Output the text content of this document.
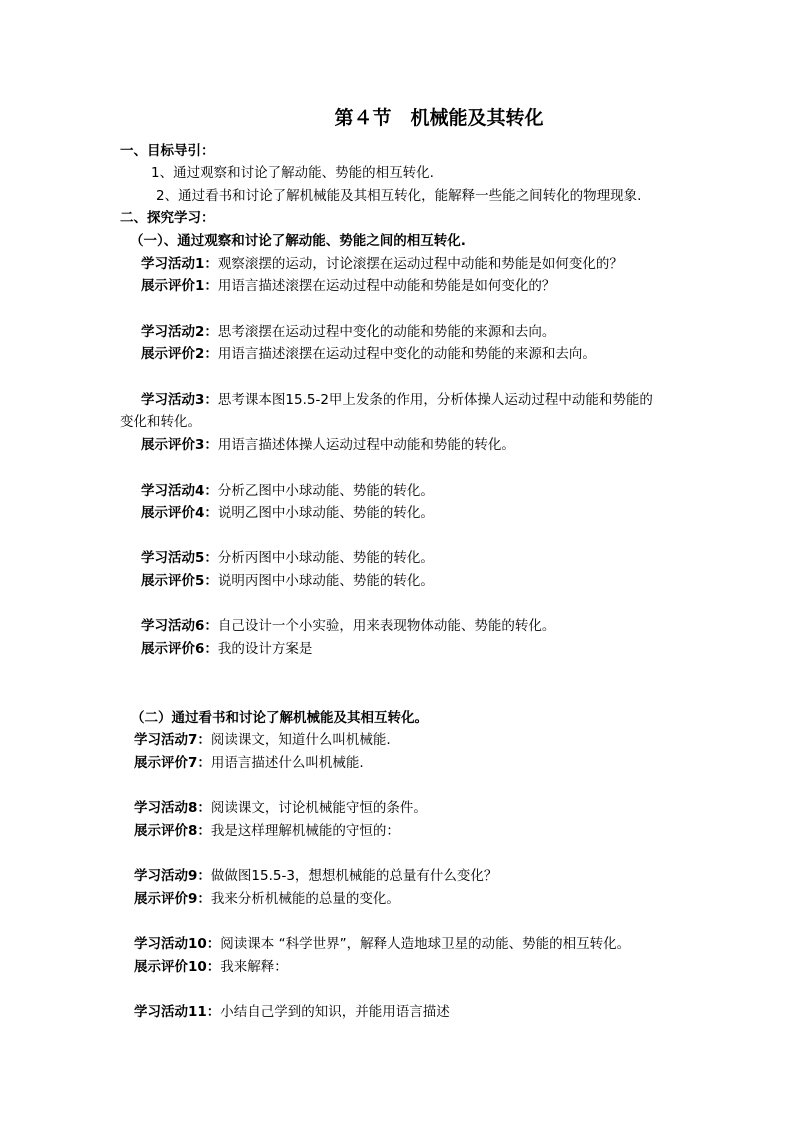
第４节　机械能及其转化
一、目标导引：
1、通过观察和讨论了解动能、势能的相互转化.
2、通过看书和讨论了解机械能及其相互转化，能解释一些能之间转化的物理现象.
二、探究学习：
（一）、通过观察和讨论了解动能、势能之间的相互转化.
学习活动1：观察滚摆的运动，讨论滚摆在运动过程中动能和势能是如何变化的？
展示评价1：用语言描述滚摆在运动过程中动能和势能是如何变化的？
学习活动2：思考滚摆在运动过程中变化的动能和势能的来源和去向。
展示评价2：用语言描述滚摆在运动过程中变化的动能和势能的来源和去向。
学习活动3：思考课本图15.5-2甲上发条的作用，分析体操人运动过程中动能和势能的
变化和转化。
展示评价3：用语言描述体操人运动过程中动能和势能的转化。
学习活动4：分析乙图中小球动能、势能的转化。
展示评价4：说明乙图中小球动能、势能的转化。
学习活动5：分析丙图中小球动能、势能的转化。
展示评价5：说明丙图中小球动能、势能的转化。
学习活动6：自己设计一个小实验，用来表现物体动能、势能的转化。
展示评价6：我的设计方案是
（二）通过看书和讨论了解机械能及其相互转化。
学习活动7：阅读课文，知道什么叫机械能.
展示评价7：用语言描述什么叫机械能.
学习活动8：阅读课文，讨论机械能守恒的条件。
展示评价8：我是这样理解机械能的守恒的：
学习活动9：做做图15.5-3，想想机械能的总量有什么变化？
展示评价9：我来分析机械能的总量的变化。
学习活动10：阅读课本 “科学世界”，解释人造地球卫星的动能、势能的相互转化。
展示评价10：我来解释：
学习活动11：小结自己学到的知识，并能用语言描述
